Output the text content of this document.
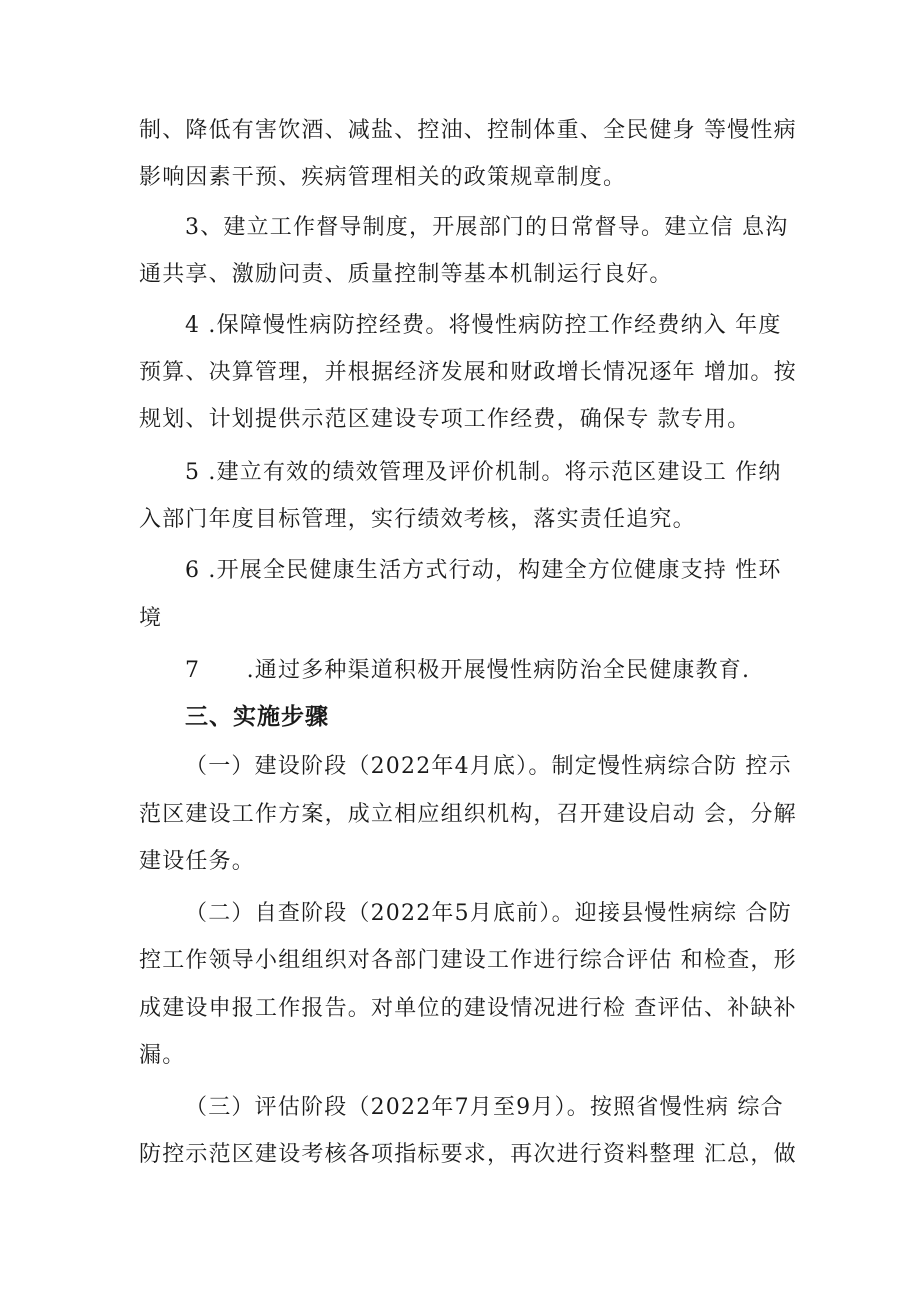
制、降低有害饮酒、减盐、控油、控制体重、全民健身 等慢性病
影响因素干预、疾病管理相关的政策规章制度。
3、建立工作督导制度，开展部门的日常督导。建立信 息沟
通共享、激励问责、质量控制等基本机制运行良好。
4 .保障慢性病防控经费。将慢性病防控工作经费纳入 年度
预算、决算管理，并根据经济发展和财政增长情况逐年 增加。按
规划、计划提供示范区建设专项工作经费，确保专 款专用。
5 .建立有效的绩效管理及评价机制。将示范区建设工 作纳
入部门年度目标管理，实行绩效考核，落实责任追究。
6 .开展全民健康生活方式行动，构建全方位健康支持 性环
境
7　　.通过多种渠道积极开展慢性病防治全民健康教育.
三、实施步骤
（一）建设阶段（2022年4月底）。制定慢性病综合防 控示
范区建设工作方案，成立相应组织机构，召开建设启动 会，分解
建设任务。
（二）自查阶段（2022年5月底前）。迎接县慢性病综 合防
控工作领导小组组织对各部门建设工作进行综合评估 和检查，形
成建设申报工作报告。对单位的建设情况进行检 查评估、补缺补
漏。
（三）评估阶段（2022年7月至9月）。按照省慢性病 综合
防控示范区建设考核各项指标要求，再次进行资料整理 汇总，做
